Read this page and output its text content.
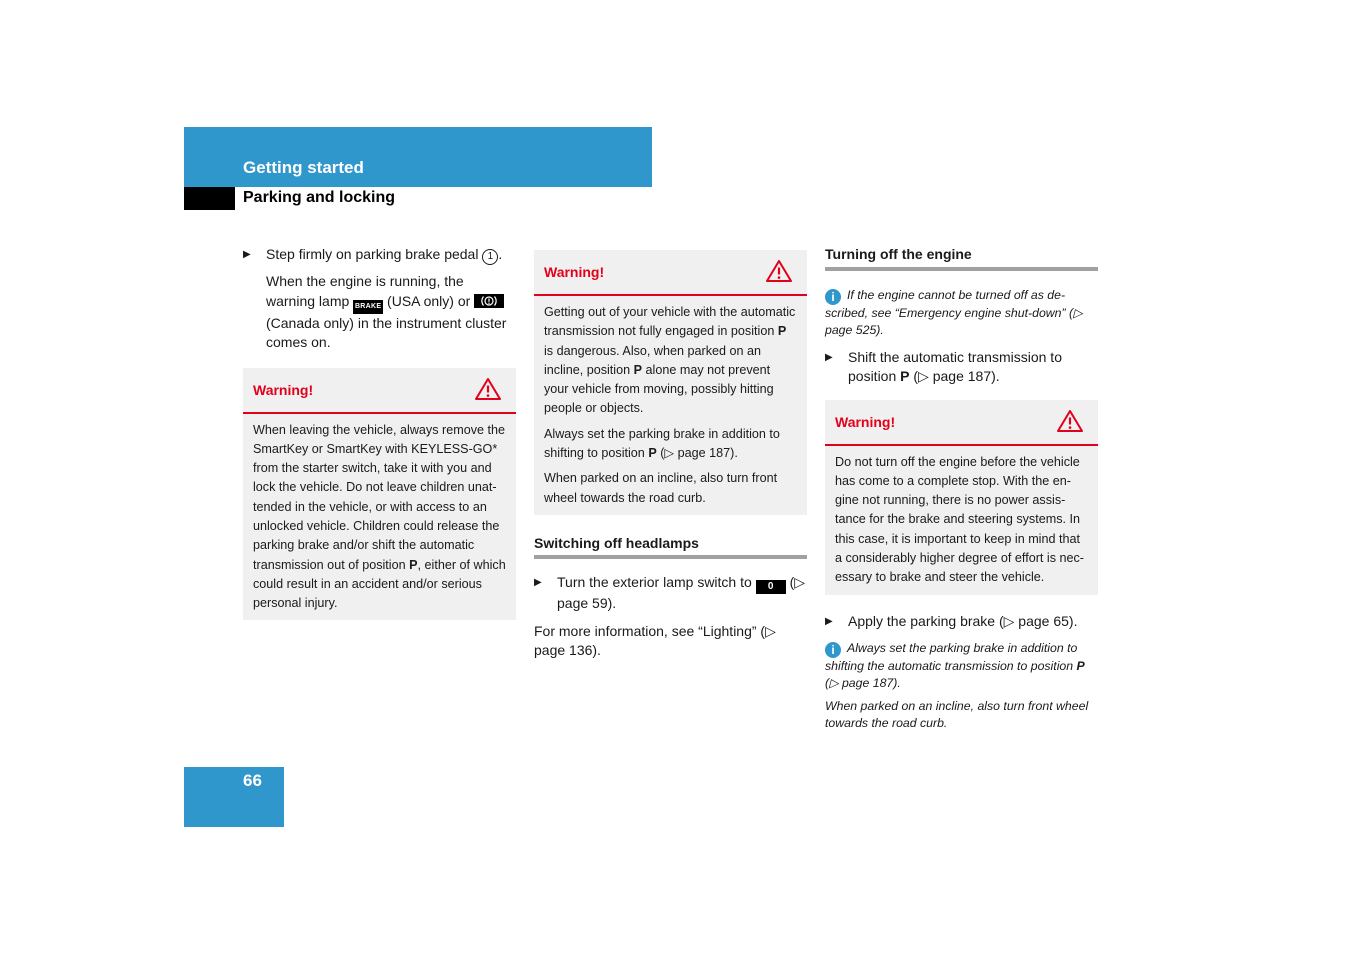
Getting started
Parking and locking

▶ Step firmly on parking brake pedal 1 .

When the engine is running, the warning lamp BRAKE (USA only) or  (Canada only) in the instrument cluster comes on.

Warning!

When leaving the vehicle, always remove the SmartKey or SmartKey with KEYLESS-GO* from the starter switch, take it with you and lock the vehicle. Do not leave children unat-tended in the vehicle, or with access to an unlocked vehicle. Children could release the parking brake and/or shift the automatic transmission out of position P, either of which could result in an accident and/or serious personal injury.

Warning!

Getting out of your vehicle with the automatic transmission not fully engaged in position P is dangerous. Also, when parked on an incline, position P alone may not prevent your vehicle from moving, possibly hitting people or objects.

Always set the parking brake in addition to shifting to position P (▷ page 187).

When parked on an incline, also turn front wheel towards the road curb.

Switching off headlamps

▶ Turn the exterior lamp switch to 0 (▷ page 59).

For more information, see “Lighting” (▷ page 136).

Turning off the engine

i If the engine cannot be turned off as de-scribed, see “Emergency engine shut-down” (▷ page 525).

▶ Shift the automatic transmission to position P (▷ page 187).

Warning!

Do not turn off the engine before the vehicle has come to a complete stop. With the en-gine not running, there is no power assis-tance for the brake and steering systems. In this case, it is important to keep in mind that a considerably higher degree of effort is nec-essary to brake and steer the vehicle.

▶ Apply the parking brake (▷ page 65).

i Always set the parking brake in addition to shifting the automatic transmission to position P (▷ page 187).

When parked on an incline, also turn front wheel towards the road curb.

66
